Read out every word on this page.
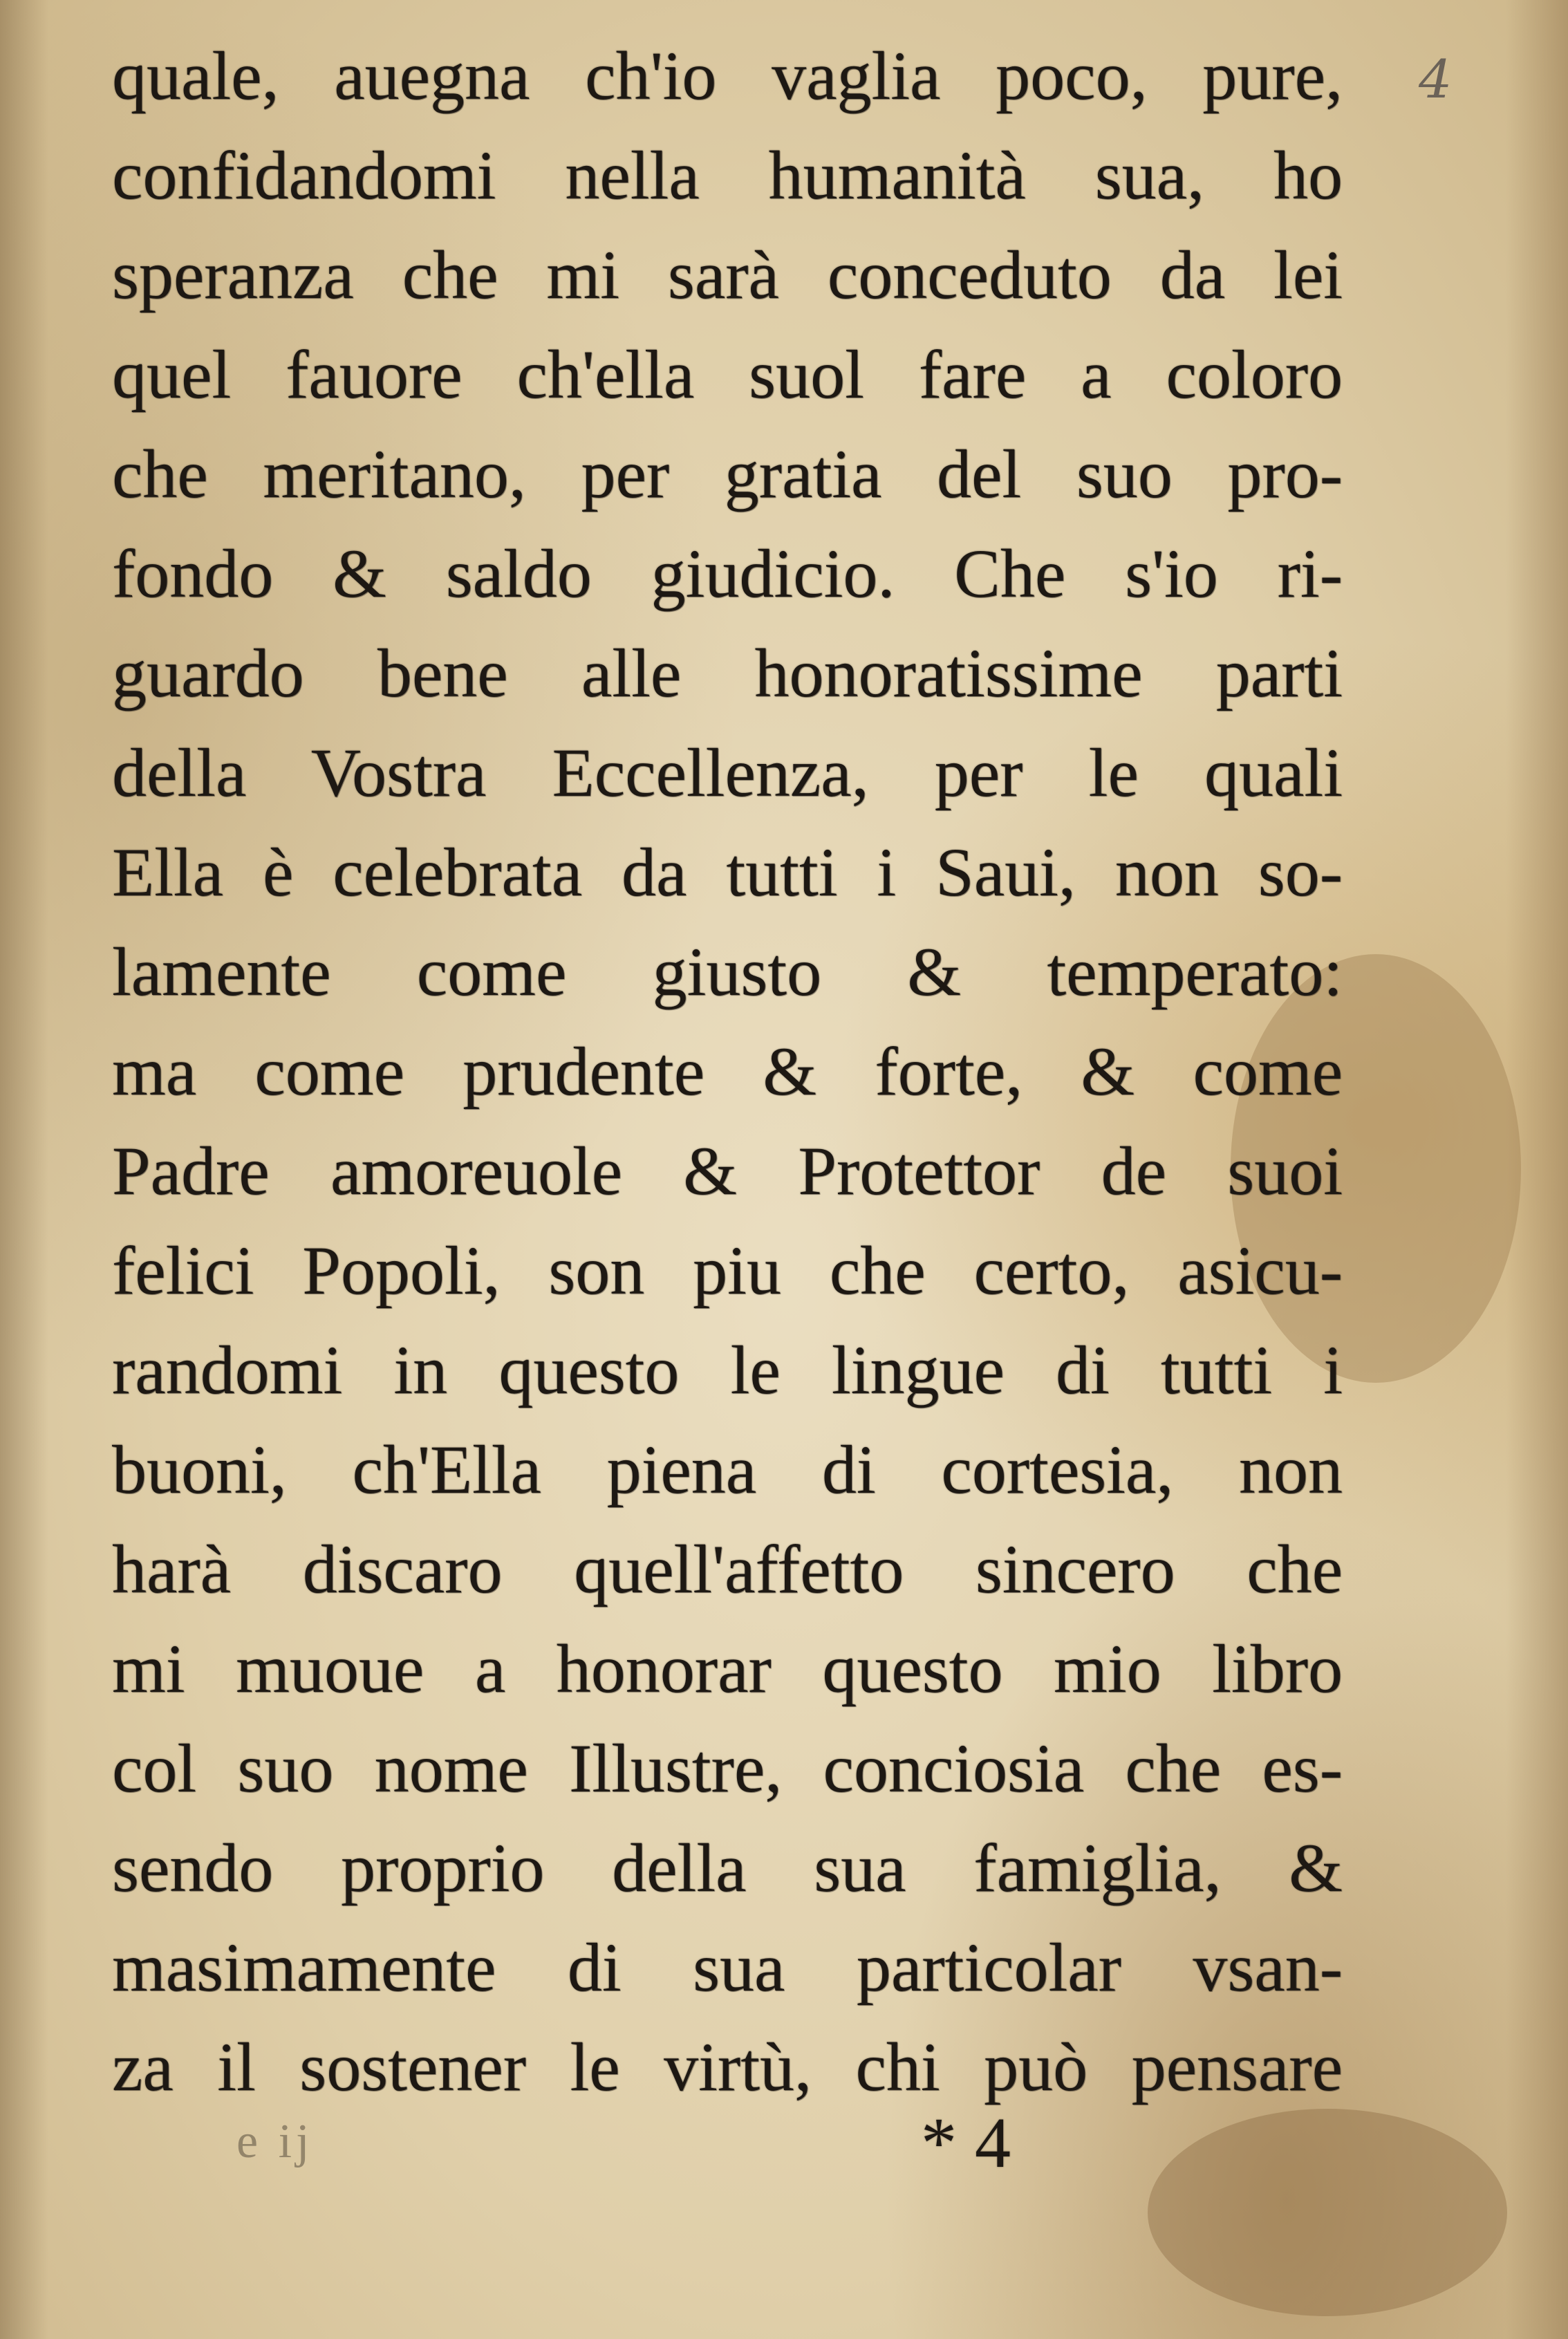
4
quale, auegna ch'io vaglia poco, pure,
confidandomi nella humanità sua, ho
speranza che mi sarà conceduto da lei
quel fauore ch'ella suol fare a coloro
che meritano, per gratia del suo pro-
fondo & saldo giudicio. Che s'io ri-
guardo bene alle honoratissime parti
della Vostra Eccellenza, per le quali
Ella è celebrata da tutti i Saui, non so-
lamente come giusto & temperato:
ma come prudente & forte, & come
Padre amoreuole & Protettor de suoi
felici Popoli, son piu che certo, asicu-
randomi in questo le lingue di tutti i
buoni, ch'Ella piena di cortesia, non
harà discaro quell'affetto sincero che
mi muoue a honorar questo mio libro
col suo nome Illustre, conciosia che es-
sendo proprio della sua famiglia, &
masimamente di sua particolar vsan-
za il sostener le virtù, chi può pensare
e ij	* 4
